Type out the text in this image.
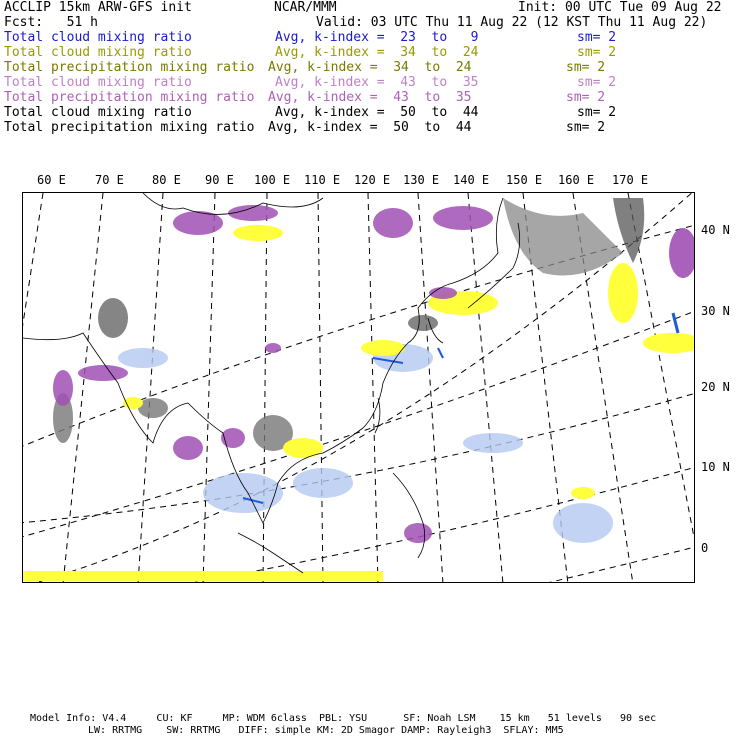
ACCLIP 15km ARW-GFS init	NCAR/MMM	Init: 00 UTC Tue 09 Aug 22
Fcst:   51 h	Valid: 03 UTC Thu 11 Aug 22 (12 KST Thu 11 Aug 22)
Total cloud mixing ratio	Avg, k-index =  23  to   9	sm= 2
Total cloud mixing ratio	Avg, k-index =  34  to  24	sm= 2
Total precipitation mixing ratio Avg, k-index =  34  to  24	sm= 2
Total cloud mixing ratio	Avg, k-index =  43  to  35	sm= 2
Total precipitation mixing ratio Avg, k-index =  43  to  35	sm= 2
Total cloud mixing ratio	Avg, k-index =  50  to  44	sm= 2
Total precipitation mixing ratio Avg, k-index =  50  to  44	sm= 2
60 E 70 E 80 E 90 E 100 E 110 E 120 E 130 E 140 E 150 E 160 E 170 E
40 N
30 N
20 N
10 N
0
Model Info: V4.4     CU: KF     MP: WDM 6class  PBL: YSU      SF: Noah LSM    15 km   51 levels   90 sec
LW: RRTMG    SW: RRTMG   DIFF: simple KM: 2D Smagor DAMP: Rayleigh3  SFLAY: MM5
